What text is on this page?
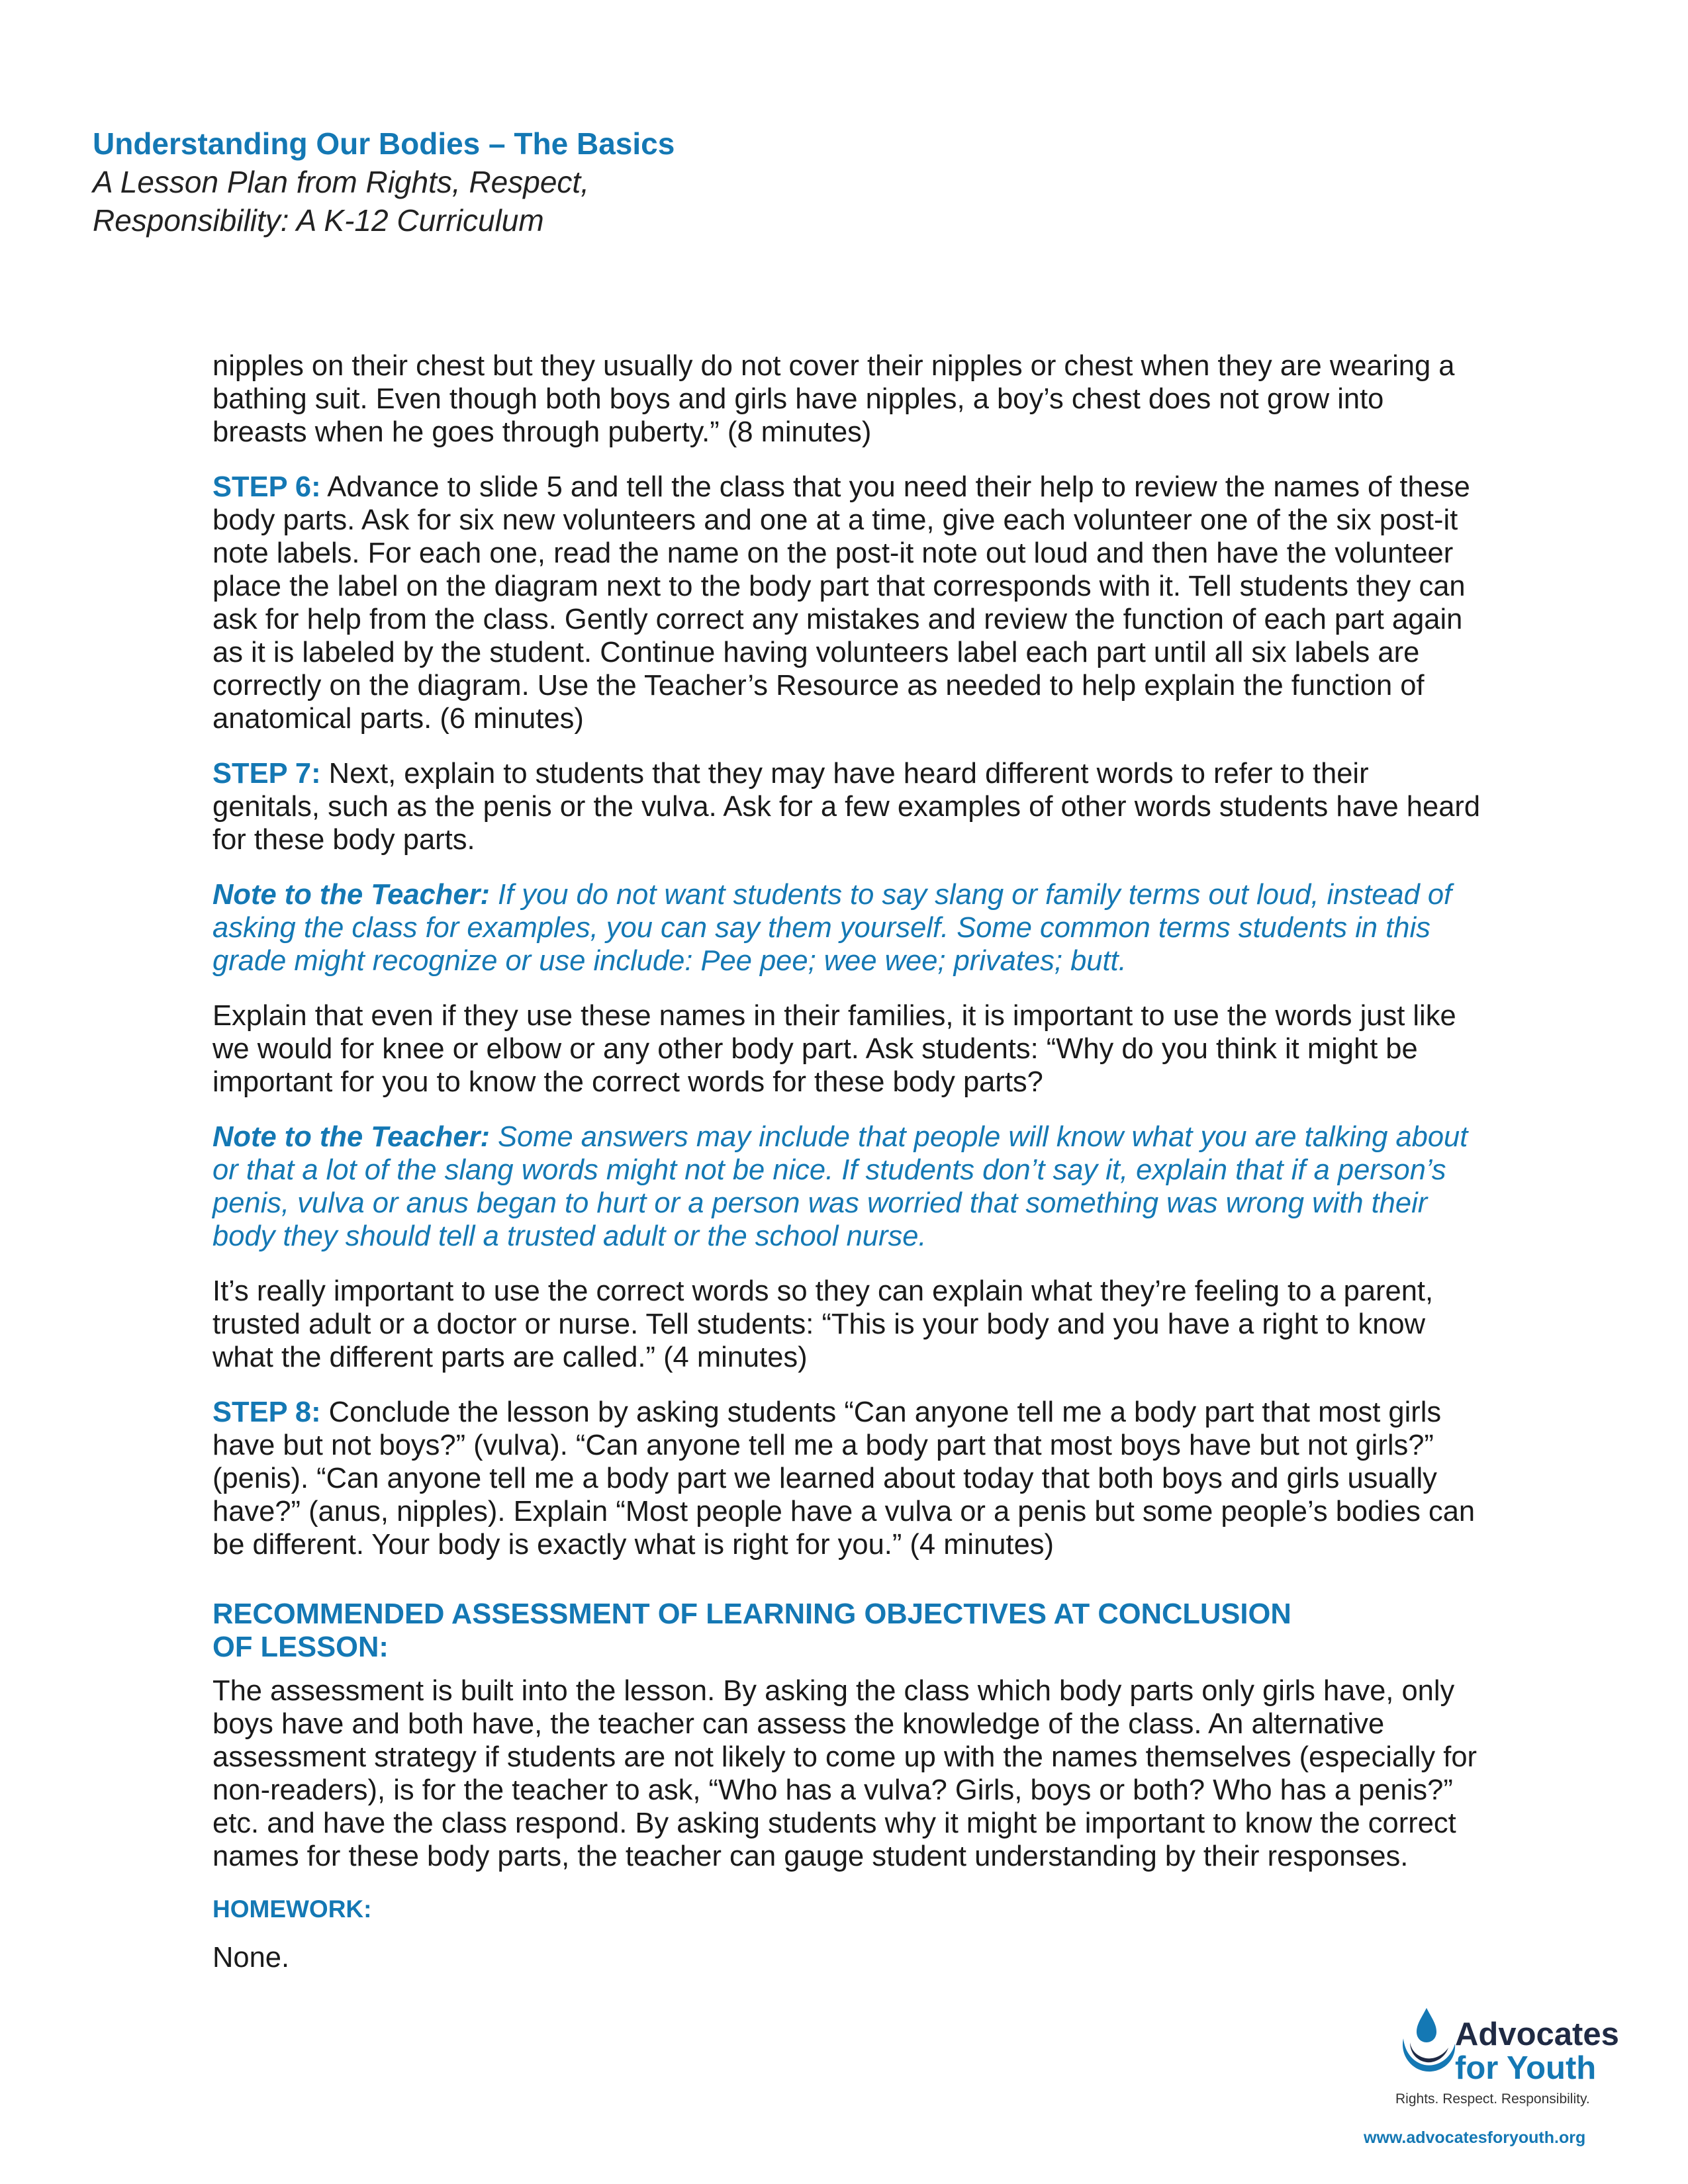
Understanding Our Bodies – The Basics
A Lesson Plan from Rights, Respect,
Responsibility: A K-12 Curriculum

nipples on their chest but they usually do not cover their nipples or chest when they are wearing a bathing suit. Even though both boys and girls have nipples, a boy’s chest does not grow into breasts when he goes through puberty.” (8 minutes)

STEP 6: Advance to slide 5 and tell the class that you need their help to review the names of these body parts. Ask for six new volunteers and one at a time, give each volunteer one of the six post-it note labels. For each one, read the name on the post-it note out loud and then have the volunteer place the label on the diagram next to the body part that corresponds with it. Tell students they can ask for help from the class. Gently correct any mistakes and review the function of each part again as it is labeled by the student. Continue having volunteers label each part until all six labels are correctly on the diagram. Use the Teacher’s Resource as needed to help explain the function of anatomical parts. (6 minutes)

STEP 7: Next, explain to students that they may have heard different words to refer to their genitals, such as the penis or the vulva. Ask for a few examples of other words students have heard for these body parts.

Note to the Teacher: If you do not want students to say slang or family terms out loud, instead of asking the class for examples, you can say them yourself. Some common terms students in this grade might recognize or use include: Pee pee; wee wee; privates; butt.

Explain that even if they use these names in their families, it is important to use the words just like we would for knee or elbow or any other body part. Ask students: “Why do you think it might be important for you to know the correct words for these body parts?

Note to the Teacher: Some answers may include that people will know what you are talking about or that a lot of the slang words might not be nice. If students don’t say it, explain that if a person’s penis, vulva or anus began to hurt or a person was worried that something was wrong with their body they should tell a trusted adult or the school nurse.

It’s really important to use the correct words so they can explain what they’re feeling to a parent, trusted adult or a doctor or nurse. Tell students: “This is your body and you have a right to know what the different parts are called.” (4 minutes)

STEP 8: Conclude the lesson by asking students “Can anyone tell me a body part that most girls have but not boys?” (vulva). “Can anyone tell me a body part that most boys have but not girls?” (penis). “Can anyone tell me a body part we learned about today that both boys and girls usually have?” (anus, nipples). Explain “Most people have a vulva or a penis but some people’s bodies can be different. Your body is exactly what is right for you.” (4 minutes)

RECOMMENDED ASSESSMENT OF LEARNING OBJECTIVES AT CONCLUSION
OF LESSON:

The assessment is built into the lesson. By asking the class which body parts only girls have, only boys have and both have, the teacher can assess the knowledge of the class. An alternative assessment strategy if students are not likely to come up with the names themselves (especially for non-readers), is for the teacher to ask, “Who has a vulva? Girls, boys or both? Who has a penis?” etc. and have the class respond. By asking students why it might be important to know the correct names for these body parts, the teacher can gauge student understanding by their responses.

HOMEWORK:

None.

Advocates
for Youth
Rights. Respect. Responsibility.
www.advocatesforyouth.org
